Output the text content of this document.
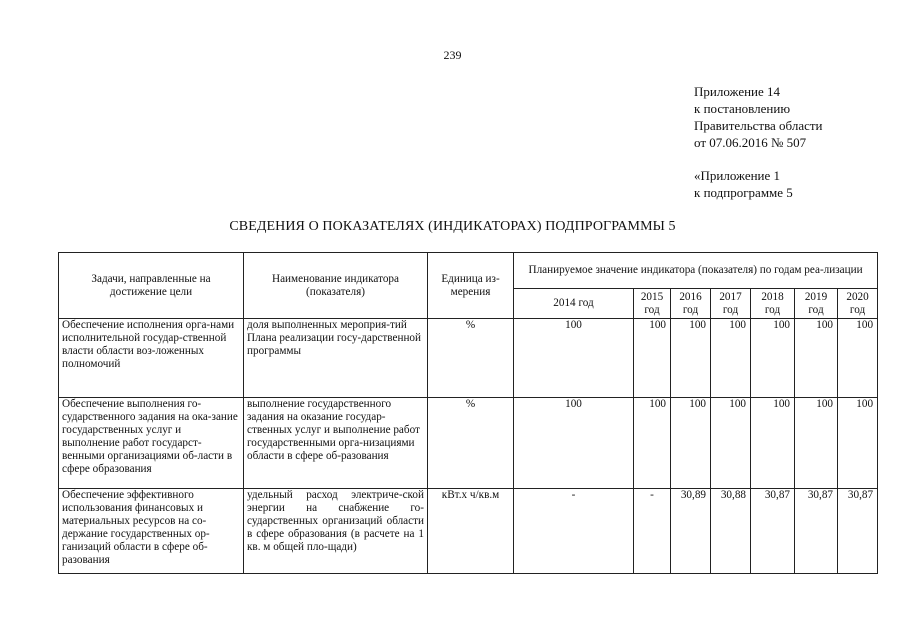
239
Приложение 14
к постановлению
Правительства области
от 07.06.2016 № 507
«Приложение 1
к подпрограмме 5
СВЕДЕНИЯ О ПОКАЗАТЕЛЯХ (ИНДИКАТОРАХ) ПОДПРОГРАММЫ 5
Задачи, направленные на достижение цели	Наименование индикатора (показателя)	Единица из-мерения	Планируемое значение индикатора (показателя) по годам реа-лизации						
			2014 год	2015 год	2016 год	2017 год	2018 год	2019 год	2020 год
Обеспечение исполнения орга-нами исполнительной государ-ственной власти области воз-ложенных полномочий	доля выполненных мероприя-тий Плана реализации госу-дарственной программы	%	100	100	100	100	100	100	100
Обеспечение выполнения го-сударственного задания на ока-зание государственных услуг и выполнение работ государст-венными организациями об-ласти в сфере образования	выполнение государственного задания на оказание государ-ственных услуг и выполнение работ государственными орга-низациями области в сфере об-разования	%	100	100	100	100	100	100	100
Обеспечение эффективного использования финансовых и материальных ресурсов на со-держание государственных ор-ганизаций области в сфере об-разования	удельный расход электриче-ской энергии на снабжение го-сударственных организаций области в сфере образования (в расчете на 1 кв. м общей пло-щади)	кВт.х ч/кв.м	-	-	30,89	30,88	30,87	30,87	30,87
